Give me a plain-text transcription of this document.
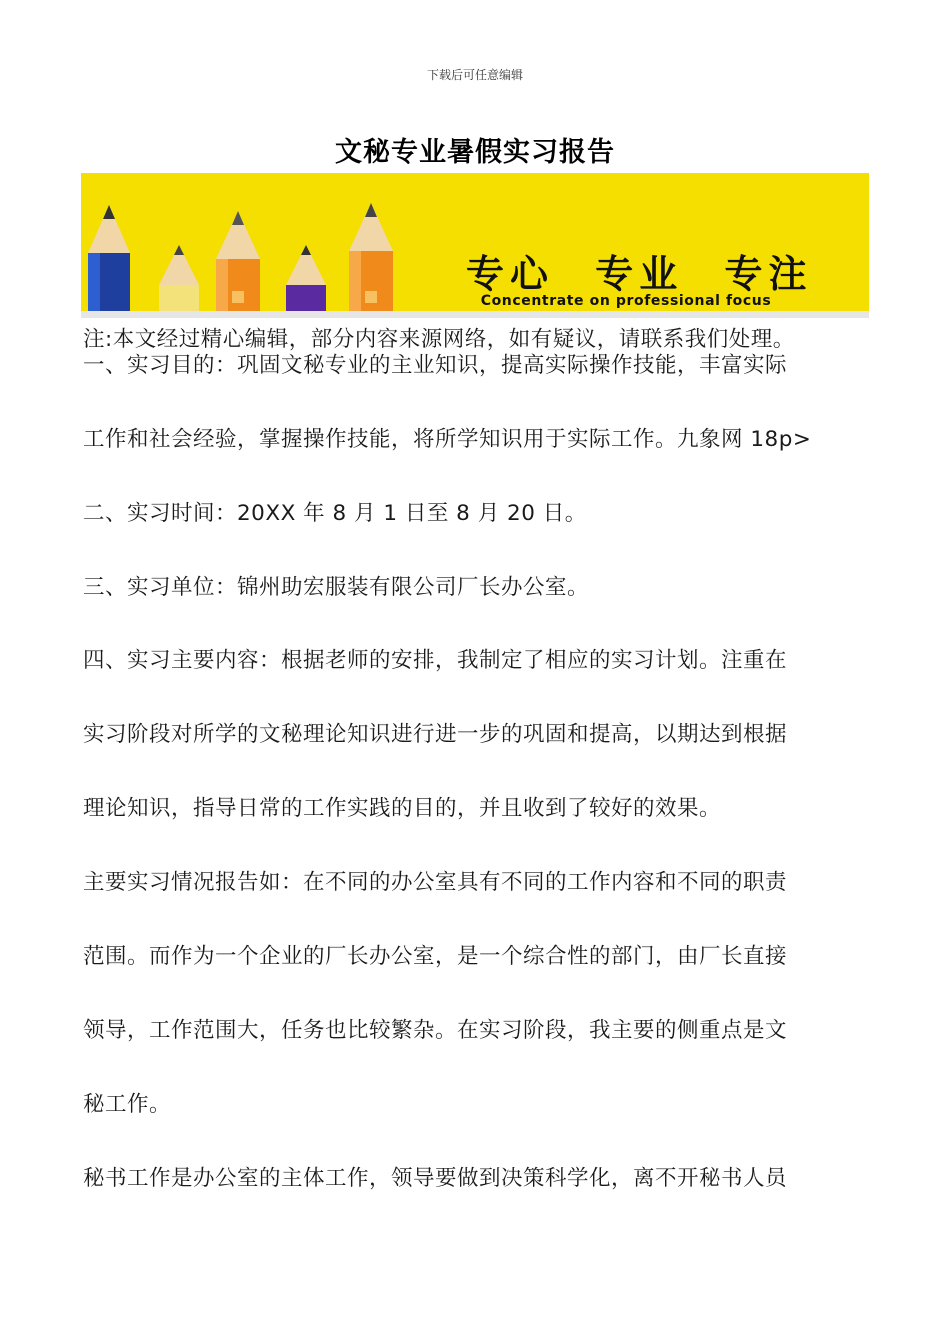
下载后可任意编辑
文秘专业暑假实习报告
专心 专业 专注
Concentrate on professional focus
注:本文经过精心编辑，部分内容来源网络，如有疑议，请联系我们处理。
一、实习目的：巩固文秘专业的主业知识，提高实际操作技能，丰富实际
工作和社会经验，掌握操作技能，将所学知识用于实际工作。九象网 18p>
二、实习时间：20XX 年 8 月 1 日至 8 月 20 日。
三、实习单位：锦州助宏服装有限公司厂长办公室。
四、实习主要内容：根据老师的安排，我制定了相应的实习计划。注重在
实习阶段对所学的文秘理论知识进行进一步的巩固和提高，以期达到根据
理论知识，指导日常的工作实践的目的，并且收到了较好的效果。
主要实习情况报告如：在不同的办公室具有不同的工作内容和不同的职责
范围。而作为一个企业的厂长办公室，是一个综合性的部门，由厂长直接
领导，工作范围大，任务也比较繁杂。在实习阶段，我主要的侧重点是文
秘工作。
秘书工作是办公室的主体工作，领导要做到决策科学化，离不开秘书人员
